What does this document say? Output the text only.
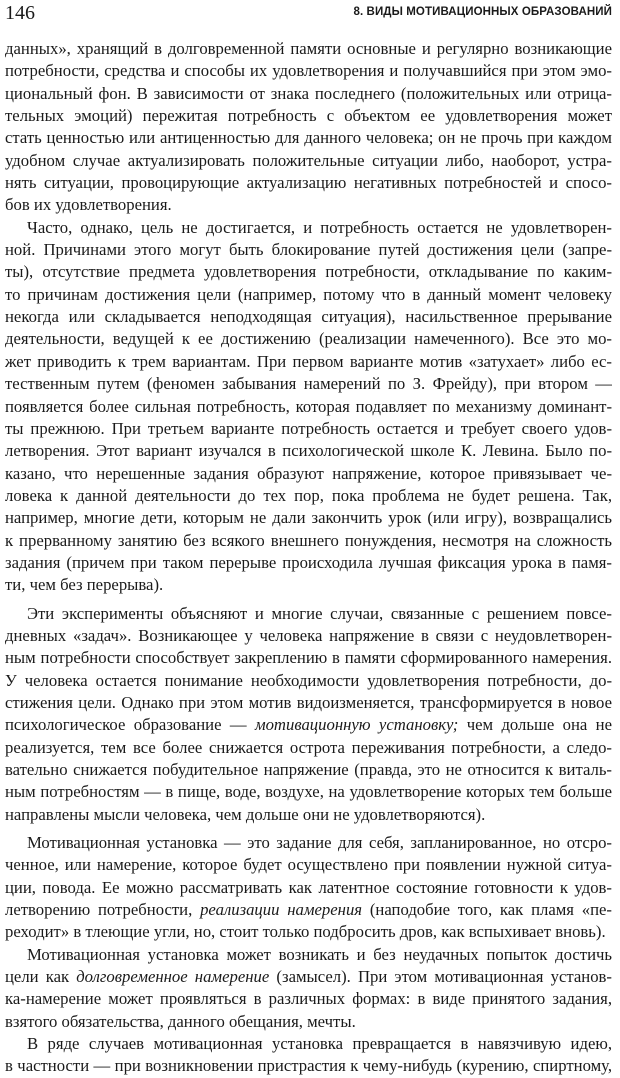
146	8. ВИДЫ МОТИВАЦИОННЫХ ОБРАЗОВАНИЙ
данных», хранящий в долговременной памяти основные и регулярно возникающие
потребности, средства и способы их удовлетворения и получавшийся при этом эмо-
циональный фон. В зависимости от знака последнего (положительных или отрица-
тельных эмоций) пережитая потребность с объектом ее удовлетворения может
стать ценностью или антиценностью для данного человека; он не прочь при каждом
удобном случае актуализировать положительные ситуации либо, наоборот, устра-
нять ситуации, провоцирующие актуализацию негативных потребностей и спосо-
бов их удовлетворения.
Часто, однако, цель не достигается, и потребность остается не удовлетворен-
ной. Причинами этого могут быть блокирование путей достижения цели (запре-
ты), отсутствие предмета удовлетворения потребности, откладывание по каким-
то причинам достижения цели (например, потому что в данный момент человеку
некогда или складывается неподходящая ситуация), насильственное прерывание
деятельности, ведущей к ее достижению (реализации намеченного). Все это мо-
жет приводить к трем вариантам. При первом варианте мотив «затухает» либо ес-
тественным путем (феномен забывания намерений по З. Фрейду), при втором —
появляется более сильная потребность, которая подавляет по механизму доминант-
ты прежнюю. При третьем варианте потребность остается и требует своего удов-
летворения. Этот вариант изучался в психологической школе К. Левина. Было по-
казано, что нерешенные задания образуют напряжение, которое привязывает че-
ловека к данной деятельности до тех пор, пока проблема не будет решена. Так,
например, многие дети, которым не дали закончить урок (или игру), возвращались
к прерванному занятию без всякого внешнего понуждения, несмотря на сложность
задания (причем при таком перерыве происходила лучшая фиксация урока в памя-
ти, чем без перерыва).
Эти эксперименты объясняют и многие случаи, связанные с решением повсе-
дневных «задач». Возникающее у человека напряжение в связи с неудовлетворен-
ным потребности способствует закреплению в памяти сформированного намерения.
У человека остается понимание необходимости удовлетворения потребности, до-
стижения цели. Однако при этом мотив видоизменяется, трансформируется в новое
психологическое образование — мотивационную установку; чем дольше она не
реализуется, тем все более снижается острота переживания потребности, а следо-
вательно снижается побудительное напряжение (правда, это не относится к виталь-
ным потребностям — в пище, воде, воздухе, на удовлетворение которых тем больше
направлены мысли человека, чем дольше они не удовлетворяются).
Мотивационная установка — это задание для себя, запланированное, но отсро-
ченное, или намерение, которое будет осуществлено при появлении нужной ситуа-
ции, повода. Ее можно рассматривать как латентное состояние готовности к удов-
летворению потребности, реализации намерения (наподобие того, как пламя «пе-
реходит» в тлеющие угли, но, стоит только подбросить дров, как вспыхивает вновь).
Мотивационная установка может возникать и без неудачных попыток достичь
цели как долговременное намерение (замысел). При этом мотивационная установ-
ка-намерение может проявляться в различных формах: в виде принятого задания,
взятого обязательства, данного обещания, мечты.
В ряде случаев мотивационная установка превращается в навязчивую идею,
в частности — при возникновении пристрастия к чему-нибудь (курению, спиртному,
